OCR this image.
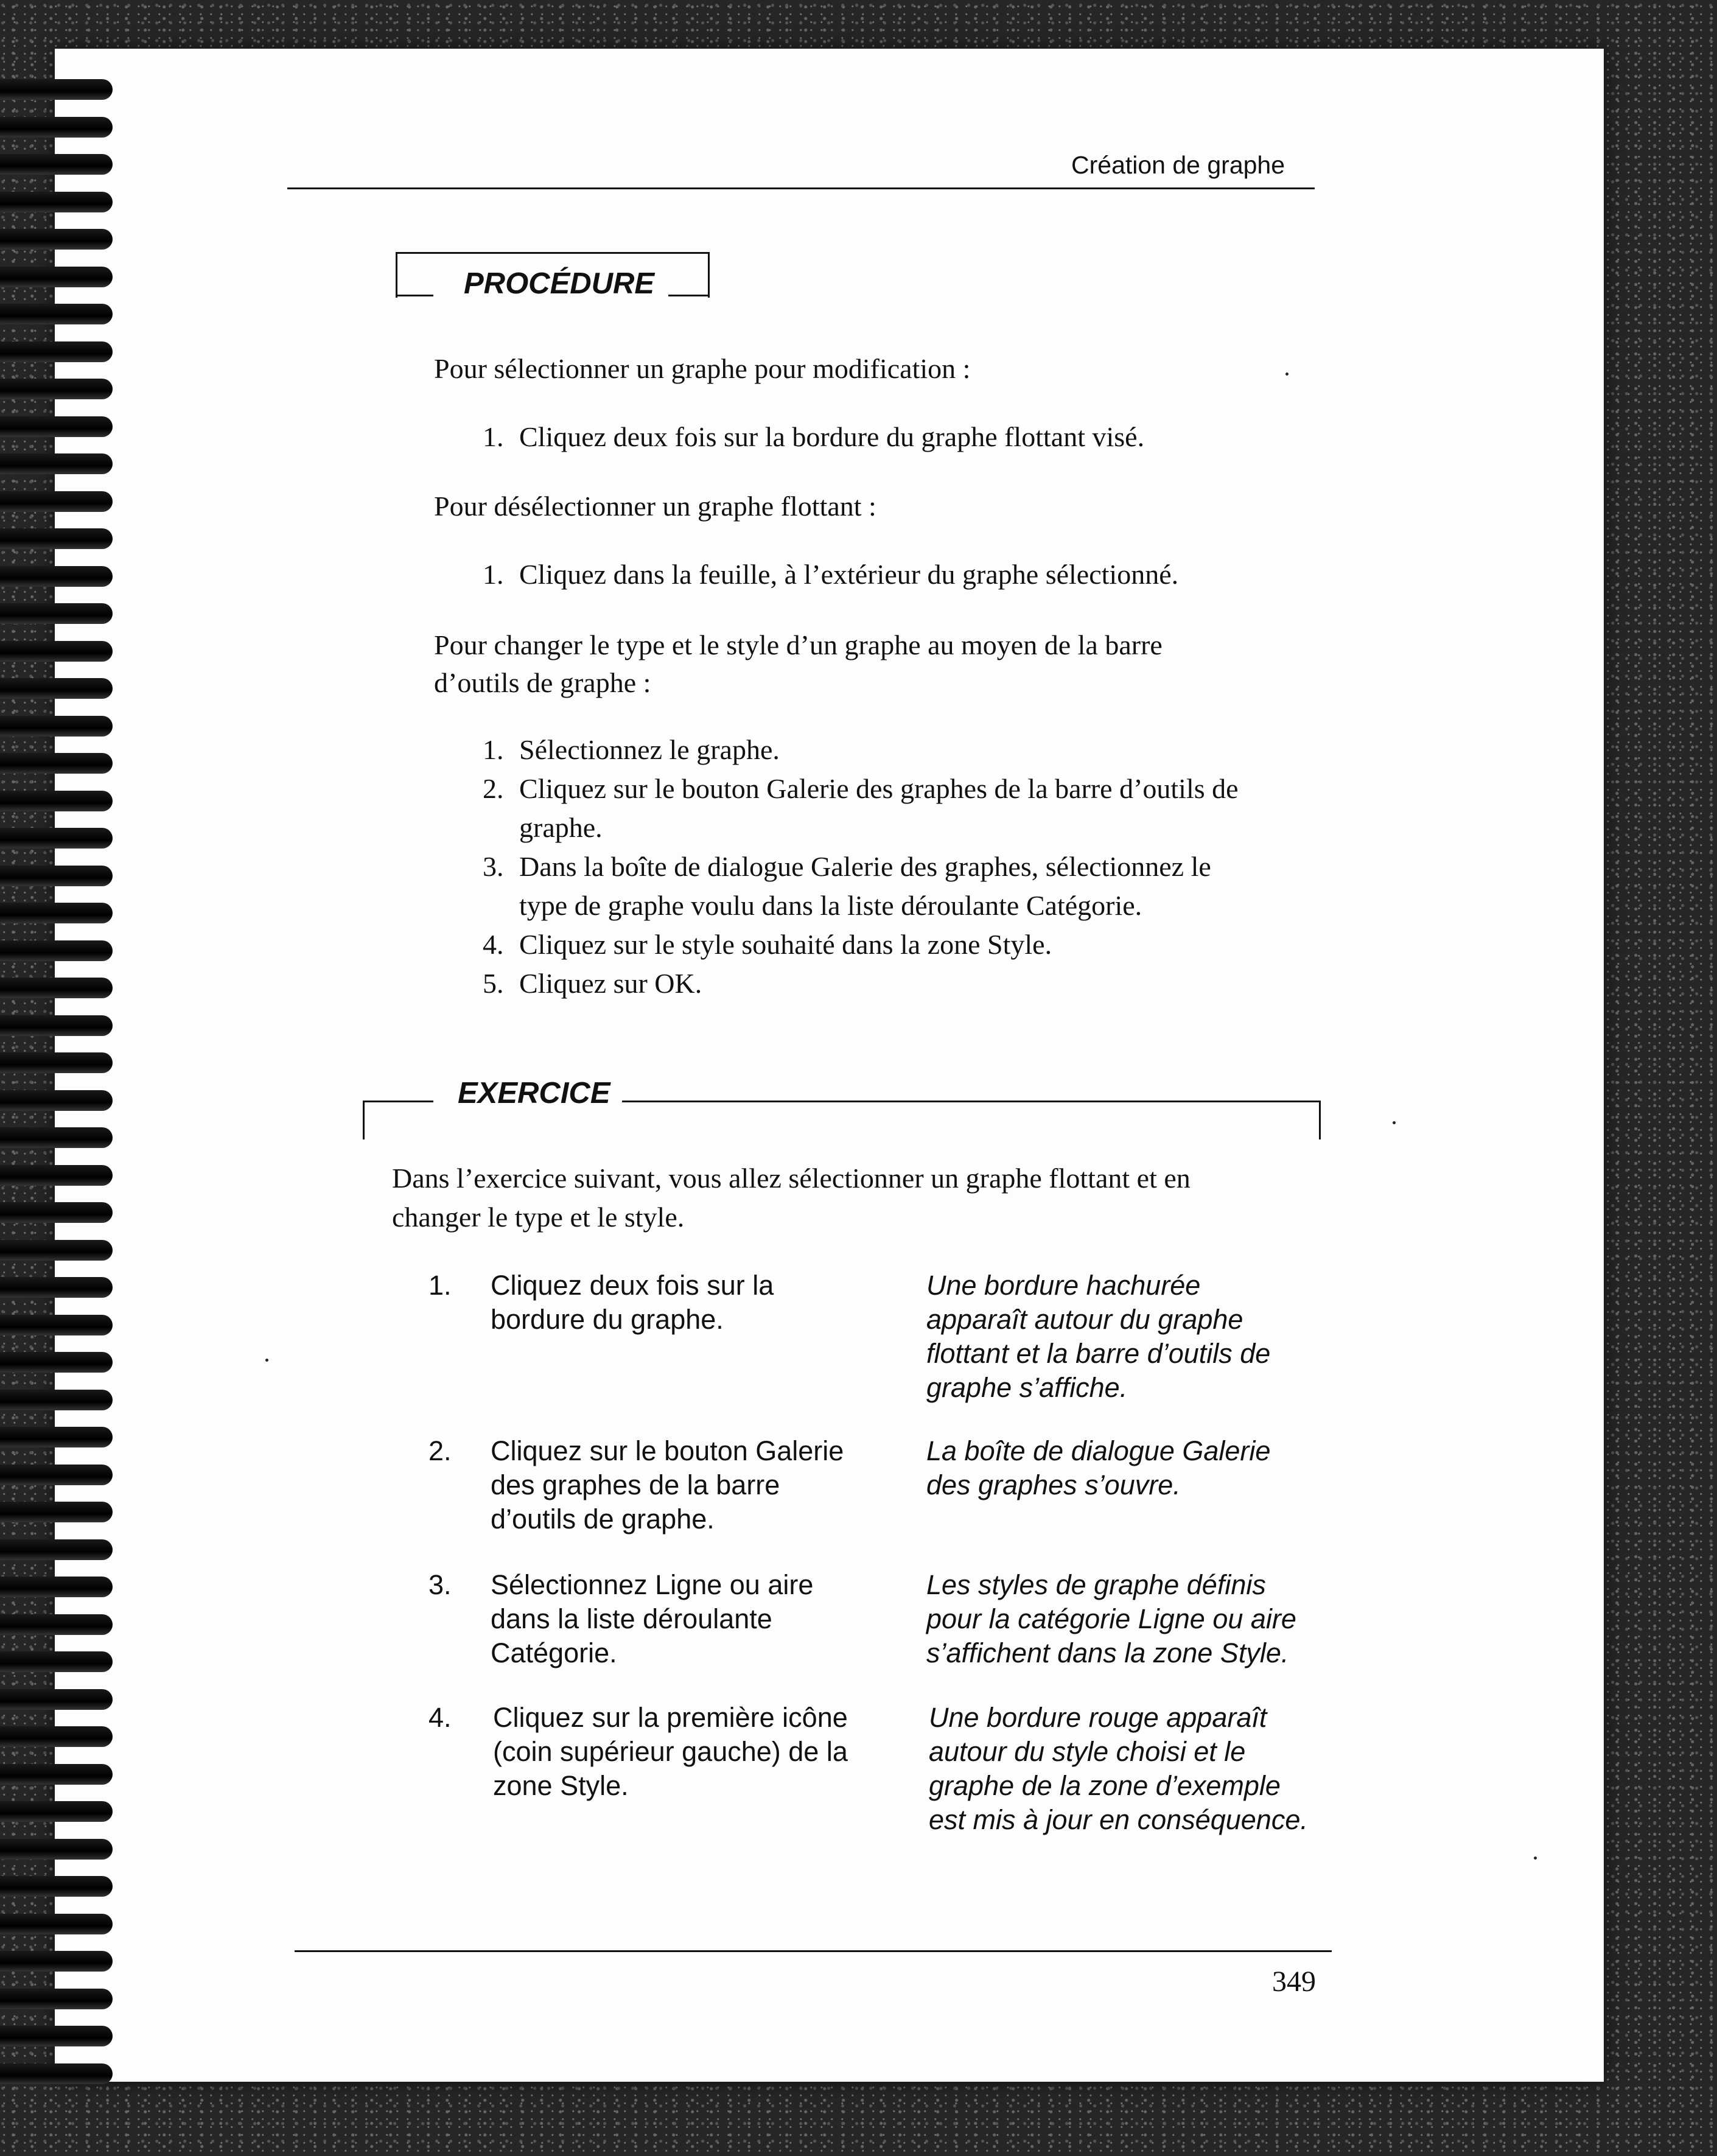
Création de graphe
PROCÉDURE
Pour sélectionner un graphe pour modification :
1. Cliquez deux fois sur la bordure du graphe flottant visé.
Pour désélectionner un graphe flottant :
1. Cliquez dans la feuille, à l’extérieur du graphe sélectionné.
Pour changer le type et le style d’un graphe au moyen de la barre
d’outils de graphe :
1. Sélectionnez le graphe.
2. Cliquez sur le bouton Galerie des graphes de la barre d’outils de
graphe.
3. Dans la boîte de dialogue Galerie des graphes, sélectionnez le
type de graphe voulu dans la liste déroulante Catégorie.
4. Cliquez sur le style souhaité dans la zone Style.
5. Cliquez sur OK.
EXERCICE
Dans l’exercice suivant, vous allez sélectionner un graphe flottant et en
changer le type et le style.
1. Cliquez deux fois sur la
bordure du graphe.
Une bordure hachurée
apparaît autour du graphe
flottant et la barre d’outils de
graphe s’affiche.
2. Cliquez sur le bouton Galerie
des graphes de la barre
d’outils de graphe.
La boîte de dialogue Galerie
des graphes s’ouvre.
3. Sélectionnez Ligne ou aire
dans la liste déroulante
Catégorie.
Les styles de graphe définis
pour la catégorie Ligne ou aire
s’affichent dans la zone Style.
4. Cliquez sur la première icône
(coin supérieur gauche) de la
zone Style.
Une bordure rouge apparaît
autour du style choisi et le
graphe de la zone d’exemple
est mis à jour en conséquence.
349
